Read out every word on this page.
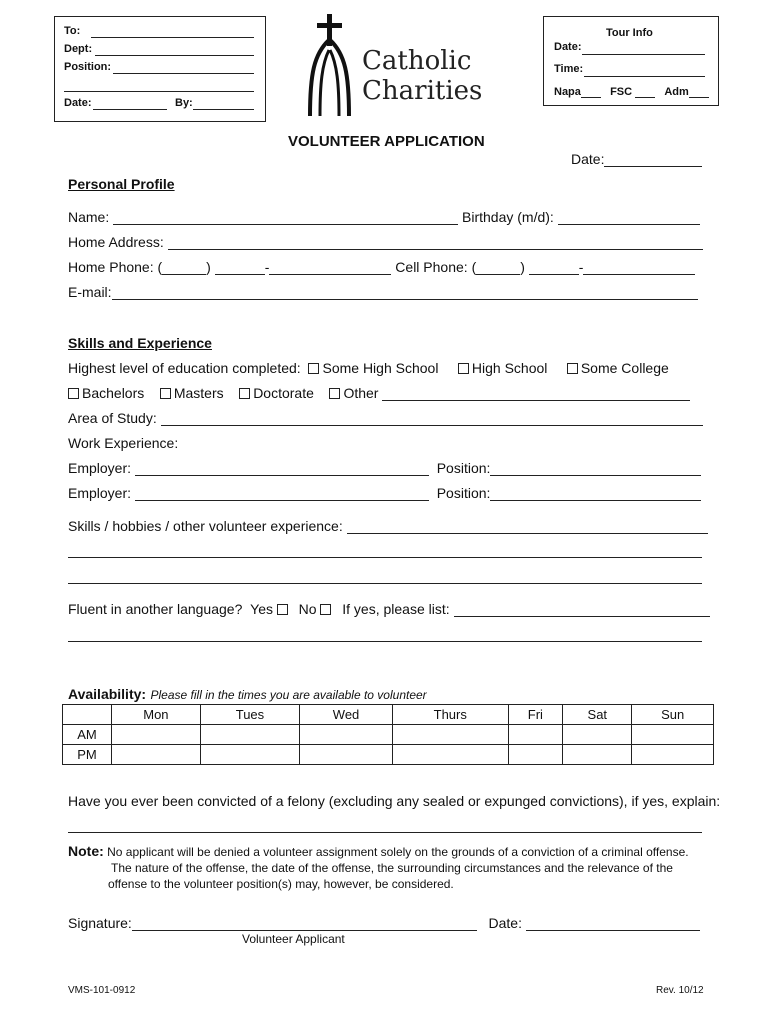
To:
Dept:
Position:
Date:	By:
Catholic
Charities
Tour Info
Date:
Time:
Napa	FSC	Adm
VOLUNTEER APPLICATION
Date:
Personal Profile
Name:	Birthday (m/d):
Home Address:
Home Phone: (	)	-	Cell Phone: (	)	-
E-mail:
Skills and Experience
Highest level of education completed: Some High School High School Some College
Bachelors Masters Doctorate Other
Area of Study:
Work Experience:
Employer:	Position:
Employer:	Position:
Skills / hobbies / other volunteer experience:
Fluent in another language? Yes No If yes, please list:
Availability: Please fill in the times you are available to volunteer
	Mon	Tues	Wed	Thurs	Fri	Sat	Sun
AM							
PM							
Have you ever been convicted of a felony (excluding any sealed or expunged convictions), if yes, explain:
Note: No applicant will be denied a volunteer assignment solely on the grounds of a conviction of a criminal offense.
The nature of the offense, the date of the offense, the surrounding circumstances and the relevance of the
offense to the volunteer position(s) may, however, be considered.
Signature:	Date:
Volunteer Applicant
VMS-101-0912	Rev. 10/12
